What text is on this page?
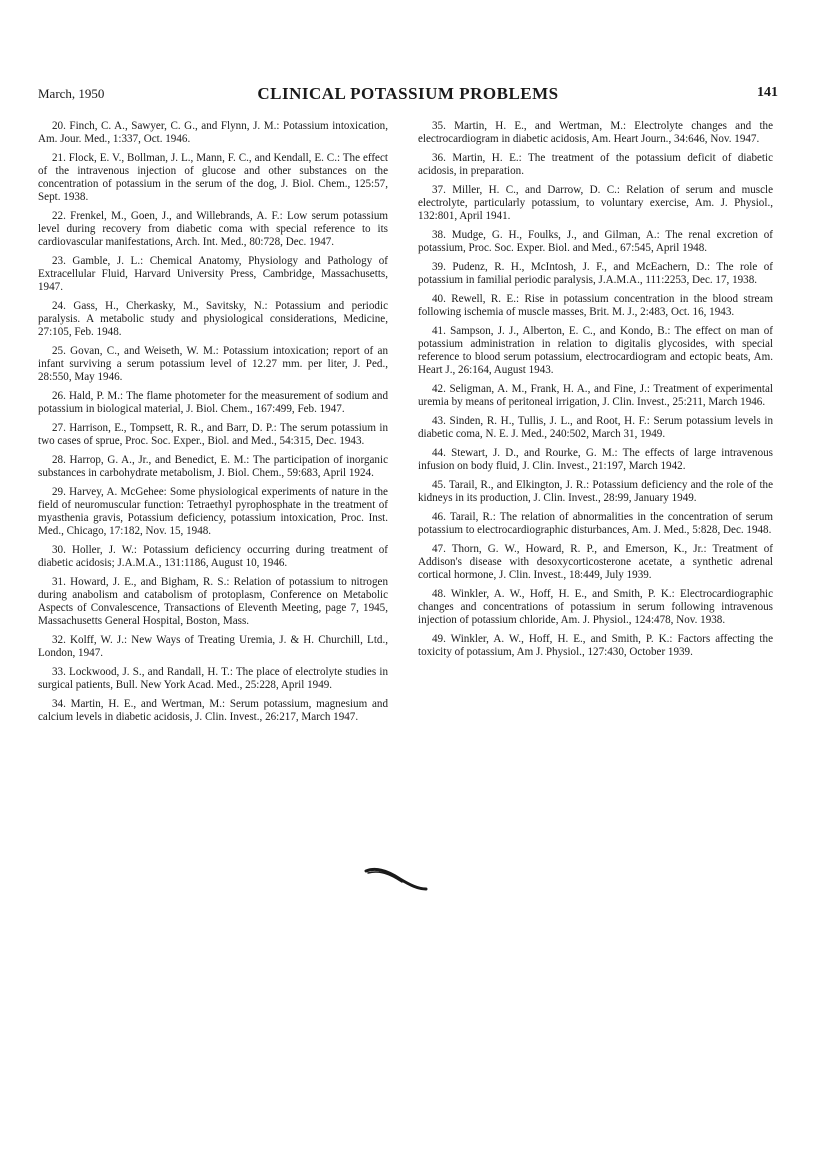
March, 1950	CLINICAL POTASSIUM PROBLEMS	141

20. Finch, C. A., Sawyer, C. G., and Flynn, J. M.: Potassium intoxication, Am. Jour. Med., 1:337, Oct. 1946.

21. Flock, E. V., Bollman, J. L., Mann, F. C., and Kendall, E. C.: The effect of the intravenous injection of glucose and other substances on the concentration of potassium in the serum of the dog, J. Biol. Chem., 125:57, Sept. 1938.

22. Frenkel, M., Goen, J., and Willebrands, A. F.: Low serum potassium level during recovery from diabetic coma with special reference to its cardiovascular manifestations, Arch. Int. Med., 80:728, Dec. 1947.

23. Gamble, J. L.: Chemical Anatomy, Physiology and Pathology of Extracellular Fluid, Harvard University Press, Cambridge, Massachusetts, 1947.

24. Gass, H., Cherkasky, M., Savitsky, N.: Potassium and periodic paralysis. A metabolic study and physiological considerations, Medicine, 27:105, Feb. 1948.

25. Govan, C., and Weiseth, W. M.: Potassium intoxication; report of an infant surviving a serum potassium level of 12.27 mm. per liter, J. Ped., 28:550, May 1946.

26. Hald, P. M.: The flame photometer for the measurement of sodium and potassium in biological material, J. Biol. Chem., 167:499, Feb. 1947.

27. Harrison, E., Tompsett, R. R., and Barr, D. P.: The serum potassium in two cases of sprue, Proc. Soc. Exper., Biol. and Med., 54:315, Dec. 1943.

28. Harrop, G. A., Jr., and Benedict, E. M.: The participation of inorganic substances in carbohydrate metabolism, J. Biol. Chem., 59:683, April 1924.

29. Harvey, A. McGehee: Some physiological experiments of nature in the field of neuromuscular function: Tetraethyl pyrophosphate in the treatment of myasthenia gravis, Potassium deficiency, potassium intoxication, Proc. Inst. Med., Chicago, 17:182, Nov. 15, 1948.

30. Holler, J. W.: Potassium deficiency occurring during treatment of diabetic acidosis; J.A.M.A., 131:1186, August 10, 1946.

31. Howard, J. E., and Bigham, R. S.: Relation of potassium to nitrogen during anabolism and catabolism of protoplasm, Conference on Metabolic Aspects of Convalescence, Transactions of Eleventh Meeting, page 7, 1945, Massachusetts General Hospital, Boston, Mass.

32. Kolff, W. J.: New Ways of Treating Uremia, J. & H. Churchill, Ltd., London, 1947.

33. Lockwood, J. S., and Randall, H. T.: The place of electrolyte studies in surgical patients, Bull. New York Acad. Med., 25:228, April 1949.

34. Martin, H. E., and Wertman, M.: Serum potassium, magnesium and calcium levels in diabetic acidosis, J. Clin. Invest., 26:217, March 1947.

35. Martin, H. E., and Wertman, M.: Electrolyte changes and the electrocardiogram in diabetic acidosis, Am. Heart Journ., 34:646, Nov. 1947.

36. Martin, H. E.: The treatment of the potassium deficit of diabetic acidosis, in preparation.

37. Miller, H. C., and Darrow, D. C.: Relation of serum and muscle electrolyte, particularly potassium, to voluntary exercise, Am. J. Physiol., 132:801, April 1941.

38. Mudge, G. H., Foulks, J., and Gilman, A.: The renal excretion of potassium, Proc. Soc. Exper. Biol. and Med., 67:545, April 1948.

39. Pudenz, R. H., McIntosh, J. F., and McEachern, D.: The role of potassium in familial periodic paralysis, J.A.M.A., 111:2253, Dec. 17, 1938.

40. Rewell, R. E.: Rise in potassium concentration in the blood stream following ischemia of muscle masses, Brit. M. J., 2:483, Oct. 16, 1943.

41. Sampson, J. J., Alberton, E. C., and Kondo, B.: The effect on man of potassium administration in relation to digitalis glycosides, with special reference to blood serum potassium, electrocardiogram and ectopic beats, Am. Heart J., 26:164, August 1943.

42. Seligman, A. M., Frank, H. A., and Fine, J.: Treatment of experimental uremia by means of peritoneal irrigation, J. Clin. Invest., 25:211, March 1946.

43. Sinden, R. H., Tullis, J. L., and Root, H. F.: Serum potassium levels in diabetic coma, N. E. J. Med., 240:502, March 31, 1949.

44. Stewart, J. D., and Rourke, G. M.: The effects of large intravenous infusion on body fluid, J. Clin. Invest., 21:197, March 1942.

45. Tarail, R., and Elkington, J. R.: Potassium deficiency and the role of the kidneys in its production, J. Clin. Invest., 28:99, January 1949.

46. Tarail, R.: The relation of abnormalities in the concentration of serum potassium to electrocardiographic disturbances, Am. J. Med., 5:828, Dec. 1948.

47. Thorn, G. W., Howard, R. P., and Emerson, K., Jr.: Treatment of Addison's disease with desoxycorticosterone acetate, a synthetic adrenal cortical hormone, J. Clin. Invest., 18:449, July 1939.

48. Winkler, A. W., Hoff, H. E., and Smith, P. K.: Electrocardiographic changes and concentrations of potassium in serum following intravenous injection of potassium chloride, Am. J. Physiol., 124:478, Nov. 1938.

49. Winkler, A. W., Hoff, H. E., and Smith, P. K.: Factors affecting the toxicity of potassium, Am J. Physiol., 127:430, October 1939.
